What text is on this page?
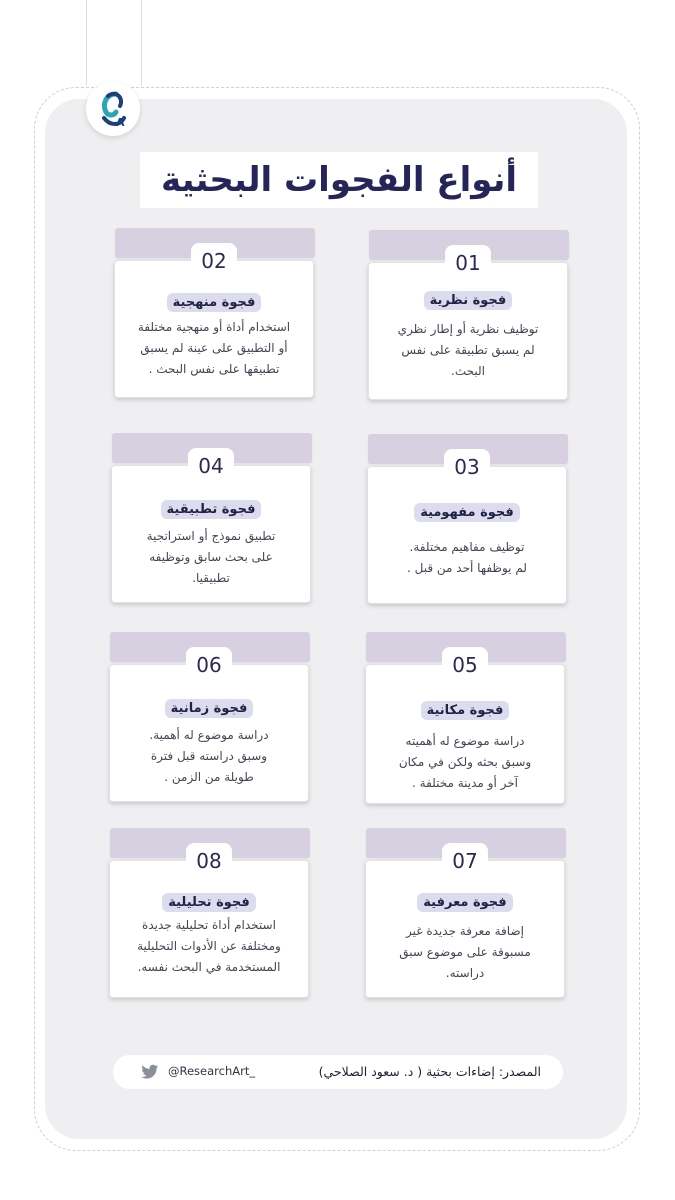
A
أنواع الفجوات البحثية
01
فجوة نظرية
توظيف نظرية أو إطار نظري
لم يسبق تطبيقة على نفس
البحث.
02
فجوة منهجية
استخدام أداة أو منهجية مختلفة
أو التطبيق على عينة لم يسبق
تطبيقها على نفس البحث .
03
فجوة مفهومية
توظيف مفاهيم مختلفة.
لم يوظفها أحد من قبل .
04
فجوة تطبيقية
تطبيق نموذج أو استراتجية
على بحث سابق وتوظيفه
تطبيقيا.
05
فجوة مكانية
دراسة موضوع له أهميته
وسبق بحثه ولكن في مكان
آخر أو مدينة مختلفة .
06
فجوة زمانية
دراسة موضوع له أهمية.
وسبق دراسته قبل فترة
طويلة من الزمن .
07
فجوة معرفية
إضافة معرفة جديدة غير
مسبوقة على موضوع سبق
دراسته.
08
فجوة تحليلية
استخدام أداة تحليلية جديدة
ومختلفة عن الأدوات التحليلية
المستخدمة في البحث نفسه.
المصدر: إضاءات بحثية ( د. سعود الصلاحي)
@ResearchArt_
